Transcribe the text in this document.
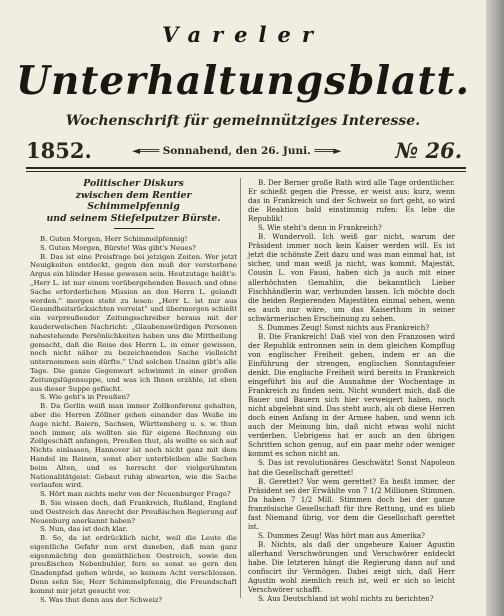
Vareler
Unterhaltungsblatt.
Wochenschrift für gemeinnütziges Interesse.
1852.	◄═══ Sonnabend, den 26. Juni. ═══►	№ 26.
Politischer Diskurs
zwischen dem Rentier Schimmelpfennig
und seinem Stiefelputzer Bürste.

B. Guten Morgen, Herr Schimmelpfennig!

S. Guten Morgen, Bürste! Was gibt's Neues?

B. Das ist eine Preisfrage bei jetzigen Zeiten. Wer jetzt Neuigkeiten entdeckt, gegen den muß der verstorbene Argus ein blinder Hesse gewesen sein. Heutzutage heißt's: „Herr L. ist nur einem vorübergehenden Besuch und ohne Sache erforderlichen Mission an den Herrn L. gelandt worden.“ morgen steht zu lesen: „Herr L. ist nur aus Gesundheitsrücksichten verreist“ und übermorgen schießt ein verpreußender Zeitungsschreiber heraus mit der kauderwelschen Nachricht: „Glaubenswürdigen Personen nahestehende Persönlichkeiten haben uns die Mittheilung gemacht, daß die Reise des Herrn L. in einer gewissen, noch nicht näher zu bezeichnenden Sache vielleicht unternommen sein dürfte.“ Und solchen Unsinn gibt's alle Tage. Die ganze Gegenwart schwimmt in einer großen Zeitungslügensuppe, und was ich Ihnen erzähle, ist eben aus dieser Suppe gefischt.

S. Wie geht's in Preußen?

B. Da Gerlin weiß man immer Zollkonferenz gehalten, aber die Herren Zöllner gehen einander das Weiße im Auge nicht. Baiern, Sachsen, Württemberg u. s. w. thun noch immer, als wollten sie für eigene Rechnung ein Zollgeschäft anfangen, Preußen thut, als wollte es sich auf Nichts einlassen, Hannover ist noch nicht ganz mit dem Handel im Reinen, sonst aber unterbleiben alle Sachen beim Alten, und es herrscht der vielgerühmten Nationalitätgeist: Gebaut ruhig abwarten, wie die Sache verlaufen wird.

S. Hört man nichts mehr von der Neuenburger Frage?

B. Sie wissen doch, daß Frankreich, Rußland, England und Oestreich das Anrecht der Preußischen Regierung auf Neuenburg anerkannt haben?

S. Nun, das ist doch klar.

B. So, da ist erdrücklich nicht, weil die Leute die eigentliche Gefahr nun erst daneben, daß man ganz eigenmächtig den gemüthlichen Oestreich, sowie den preußischen Nebenbuhler, fern so sonst so gern den Gnadenpfad gehen würde, so keinem Acht verschlossen. Denn sehn Sie, Herr Schimmelpfennig, die Freundschaft kommt mir jetzt gesucht vor.

S. Was thut denn aus der Schweiz?

B. Der Berner große Rath wird alle Tage ordentlicher. Er schießt gegen die Presse, er weist aus: kurz, wenn das in Frankreich und der Schweiz so fort geht, so wird die Reaktion bald einstimmig rufen: Es lebe die Republik!

S. Wie steht's denn in Frankreich?

B. Wundervoll. Ich weiß gar nicht, warum der Präsident immer noch kein Kaiser werden will. Es ist jetzt die schönste Zeit dazu und was man einmal hat, ist sicher, und man weiß ja nicht, was kommt. Majestät, Cousin L. von Fausi, haben sich ja auch mit einer allerhöchsten Gemahlin, die bekanntlich Lieber Fischhändlerin war, verbunden lassen. Ich möchte doch die beiden Regierenden Majestäten einmal sehen, wenn es auch nur wäre, um das Kaiserthum in seiner schwärmerischen Erscheinung zu sehen.

S. Dummes Zeug! Sonst nichts aus Frankreich?

B. Die Frankreich! Daß viel von den Franzosen wird der Republik entronnen sein in dem gleichen Kompflug von englischer Freiheit geben, indem er an die Einführung der strengen, englischen Sonntagsfeier denkt. Die englische Freiheit wird bereits in Frankreich eingeführt bis auf die Ausnahme der Wochentage in Frankreich zu finden sein. Nicht wundert mich, daß die Bauer und Bauern sich hier verweigert haben, noch nicht abgelehnt sind. Das steht auch, als ob diese Herren doch einen Anfang in der Armee haben, und wenn ich auch der Meinung bin, daß nicht etwas wohl nicht verderben. Uebrigens hat er auch an den übrigen Schritten schon genug, auf ein paar mehr oder weniger kommt es schon nicht an.

S. Das ist revolutionäres Geschwätz! Sonst Napoleon hat die Gesellschaft gerettet!

B. Gerettet? Vor wem gerettet? Es heißt immer, der Präsident sei der Erwählte von 7 1/2 Millionen Stimmen. Da haben 7 1/2 Mill. Stimmen doch bei der ganze französische Gesellschaft für ihre Rettung, und es blieb fast Niemand übrig, vor dem die Gesellschaft gerettet ist.

S. Dummes Zeug! Was hört man aus Amerika?

B. Nichts, als daß der ungeheure Kaiser Agustin allerhand Verschwörungen und Verschwörer entdeckt habe. Die letzteren hängt die Regierung dann auf und confiscirt ihr Vermögen. Dabei zeigt sich, daß Herr Agustin wohl ziemlich reich ist, weil er sich so leicht Verschwörer schafft.

S. Aus Deutschland ist wohl nichts zu berichten?
